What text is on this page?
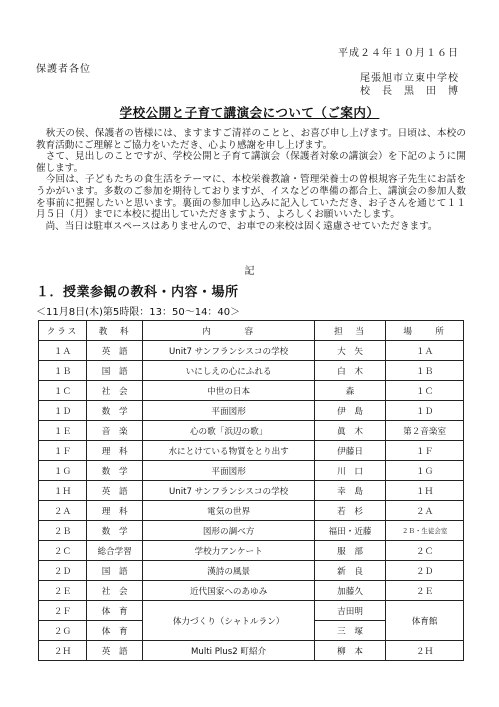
平成２４年１０月１６日
保護者各位
尾張旭市立東中学校
校　長　黒　田　博
学校公開と子育て講演会について（ご案内）

　秋天の侯、保護者の皆様には、ますますご清祥のことと、お喜び申し上げます。日頃は、本校の教育活動にご理解とご協力をいただき、心より感謝を申し上げます。

　さて、見出しのことですが、学校公開と子育て講演会（保護者対象の講演会）を下記のように開催します。

　今回は、子どもたちの食生活をテーマに、本校栄養教諭・管理栄養士の曽根規容子先生にお話をうかがいます。多数のご参加を期待しておりますが、イスなどの準備の都合上、講演会の参加人数を事前に把握したいと思います。裏面の参加申し込みに記入していただき、お子さんを通じて１１月５日（月）までに本校に提出していただきますよう、よろしくお願いいたします。

　尚、当日は駐車スペースはありませんので、お車での来校は固く遠慮させていただきます。

記
１．授業参観の教科・内容・場所
＜11月8日(木)第5時限：13：50～14：40＞
クラス	教　科	内　　　容	担　当	場　　所
１Ａ	英　語	Unit7 サンフランシスコの学校	大　矢	１Ａ
１Ｂ	国　語	いにしえの心にふれる	白　木	１Ｂ
１Ｃ	社　会	中世の日本	森	１Ｃ
１Ｄ	数　学	平面図形	伊　島	１Ｄ
１Ｅ	音　楽	心の歌「浜辺の歌」	眞　木	第２音楽室
１Ｆ	理　科	水にとけている物質をとり出す	伊藤日	１Ｆ
１Ｇ	数　学	平面図形	川　口	１Ｇ
１Ｈ	英　語	Unit7 サンフランシスコの学校	幸　島	１Ｈ
２Ａ	理　科	電気の世界	若　杉	２Ａ
２Ｂ	数　学	図形の調べ方	福田・近藤	２Ｂ・生徒会室
２Ｃ	総合学習	学校力アンケート	服　部	２Ｃ
２Ｄ	国　語	漢詩の風景	新　良	２Ｄ
２Ｅ	社　会	近代国家へのあゆみ	加藤久	２Ｅ
２Ｆ	体　育	体力づくり（シャトルラン）	吉田明	体育館
２Ｇ	体　育		三　塚	
２Ｈ	英　語	Multi Plus2 町紹介	柳　本	２Ｈ
